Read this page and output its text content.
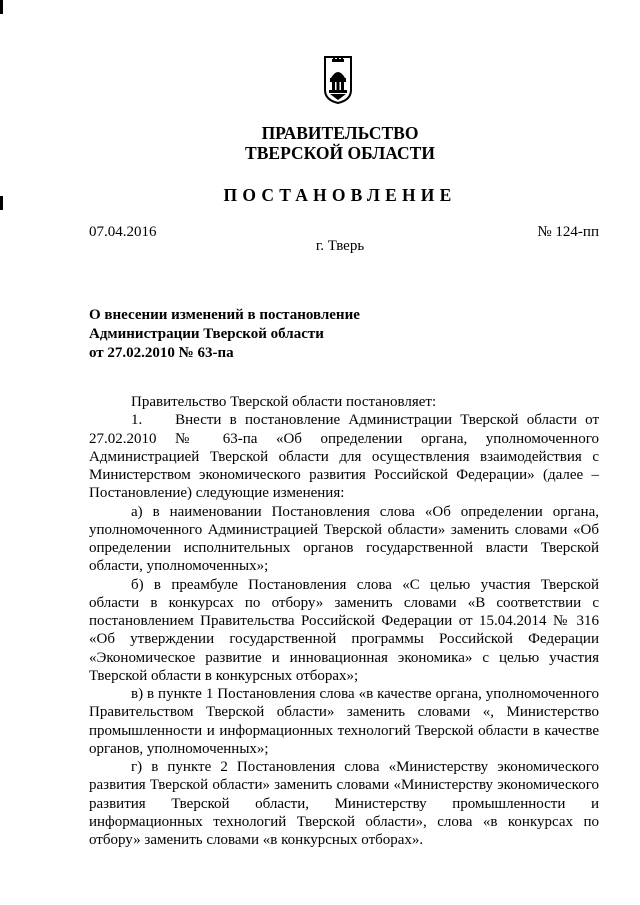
ПРАВИТЕЛЬСТВО
ТВЕРСКОЙ ОБЛАСТИ
ПОСТАНОВЛЕНИЕ
07.04.2016	№ 124-пп
г. Тверь
О внесении изменений в постановление
Администрации Тверской области
от 27.02.2010 № 63-па

Правительство Тверской области постановляет:

1.    Внести в постановление Администрации Тверской области от 27.02.2010 № 63-па «Об определении органа, уполномоченного Администрацией Тверской области для осуществления взаимодействия с Министерством экономического развития Российской Федерации» (далее – Постановление) следующие изменения:

а) в наименовании Постановления слова «Об определении органа, уполномоченного Администрацией Тверской области» заменить словами «Об определении исполнительных органов государственной власти Тверской области, уполномоченных»;

б) в преамбуле Постановления слова «С целью участия Тверской области в конкурсах по отбору» заменить словами «В соответствии с постановлением Правительства Российской Федерации от 15.04.2014 № 316 «Об утверждении государственной программы Российской Федерации «Экономическое развитие и инновационная экономика» с целью участия Тверской области в конкурсных отборах»;

в) в пункте 1 Постановления слова «в качестве органа, уполномоченного Правительством Тверской области» заменить словами «, Министерство промышленности и информационных технологий Тверской области в качестве органов, уполномоченных»;

г) в пункте 2 Постановления слова «Министерству экономического развития Тверской области» заменить словами «Министерству экономического развития Тверской области, Министерству промышленности и информационных технологий Тверской области», слова «в конкурсах по отбору» заменить словами «в конкурсных отборах».
